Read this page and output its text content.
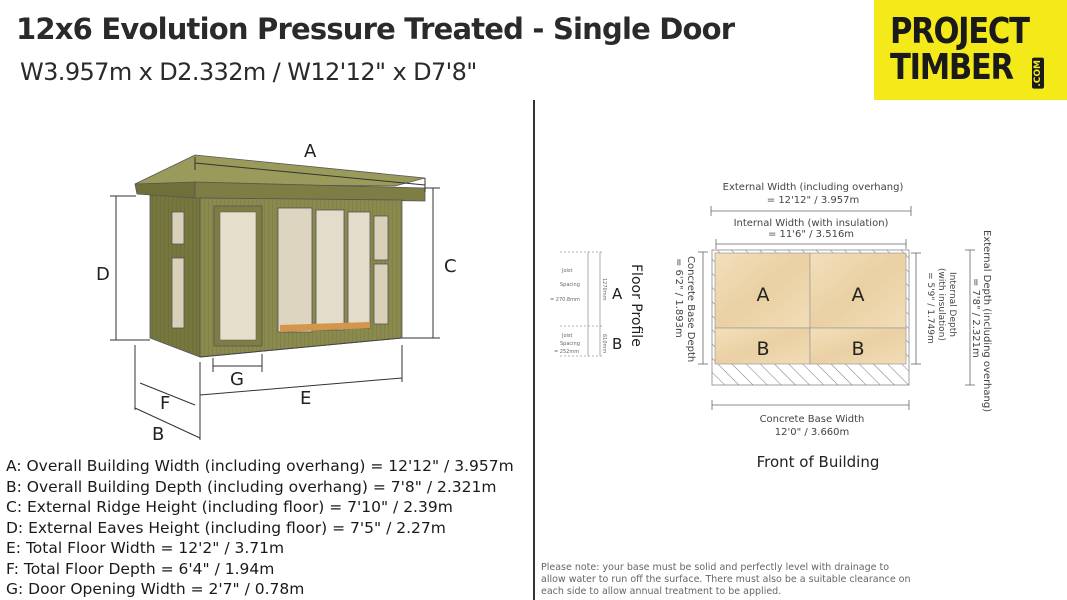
12x6 Evolution Pressure Treated - Single Door
W3.957m x D2.332m / W12'12" x D7'8"
PROJECT
TIMBER .COM
A
C
D
G
E
F
B
A: Overall Building Width (including overhang) = 12'12" / 3.957m
B: Overall Building Depth (including overhang) = 7'8" / 2.321m
C: External Ridge Height (including floor) = 7'10" / 2.39m
D: External Eaves Height (including floor) = 7'5" / 2.27m
E: Total Floor Width = 12'2" / 3.71m
F: Total Floor Depth = 6'4" / 1.94m
G: Door Opening Width = 2'7" / 0.78m
Joist
Spacing
= 270.8mm
Joist
Spacing
= 252mm
1270mm
610mm
A
B Floor Profile	Concrete Base Depth
= 6'2" / 1.893m
External Width (including overhang)
= 12'12" / 3.957m
Internal Width (with insulation)
= 11'6" / 3.516m
A	A
B	B
Internal Depth
(with insulation)
= 5'9" / 1.749m	External Depth (including overhang)
= 7'8" / 2.321m
Concrete Base Width
12'0" / 3.660m
Front of Building
Please note: your base must be solid and perfectly level with drainage to allow water to run off the surface. There must also be a suitable clearance on each side to allow annual treatment to be applied.
